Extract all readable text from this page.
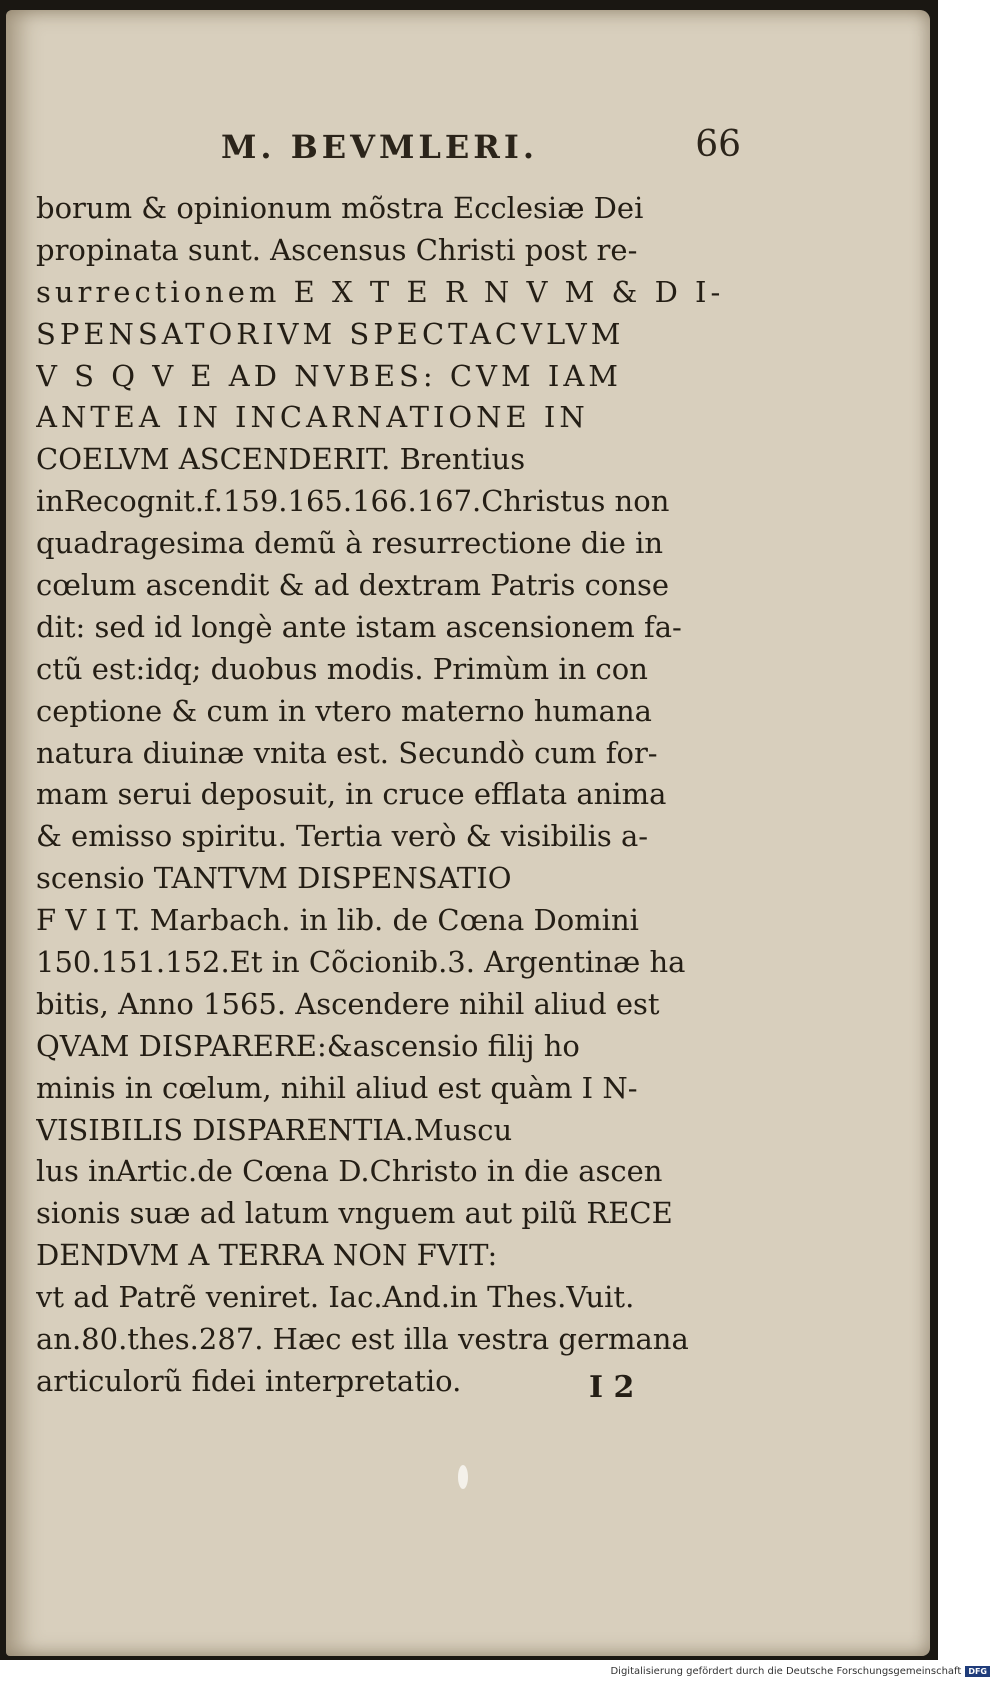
M. BEVMLERI.	66
borum & opinionum mõstra Ecclesiæ Dei
propinata sunt. Ascensus Christi post re-
surrectionem E X T E R N V M & D I-
SPENSATORIVM SPECTACVLVM
V S Q V E AD NVBES: CVM IAM
ANTEA IN INCARNATIONE IN
COELVM ASCENDERIT. Brentius
inRecognit.f.159.165.166.167.Christus non
quadragesima demũ à resurrectione die in
cœlum ascendit & ad dextram Patris conse
dit: sed id longè ante istam ascensionem fa-
ctũ est:idq; duobus modis. Primùm in con
ceptione & cum in vtero materno humana
natura diuinæ vnita est. Secundò cum for-
mam serui deposuit, in cruce efflata anima
& emisso spiritu. Tertia verò & visibilis a-
scensio TANTVM DISPENSATIO
F V I T. Marbach. in lib. de Cœna Domini
150.151.152.Et in Cõcionib.3. Argentinæ ha
bitis, Anno 1565. Ascendere nihil aliud est
QVAM DISPARERE:&ascensio filij ho
minis in cœlum, nihil aliud est quàm I N-
VISIBILIS DISPARENTIA.Muscu
lus inArtic.de Cœna D.Christo in die ascen
sionis suæ ad latum vnguem aut pilũ RECE
DENDVM A TERRA NON FVIT:
vt ad Patrẽ veniret. Iac.And.in Thes.Vuit.
an.80.thes.287. Hæc est illa vestra germana
articulorũ fidei interpretatio.	I 2
Digitalisierung gefördert durch die Deutsche Forschungsgemeinschaft DFG
